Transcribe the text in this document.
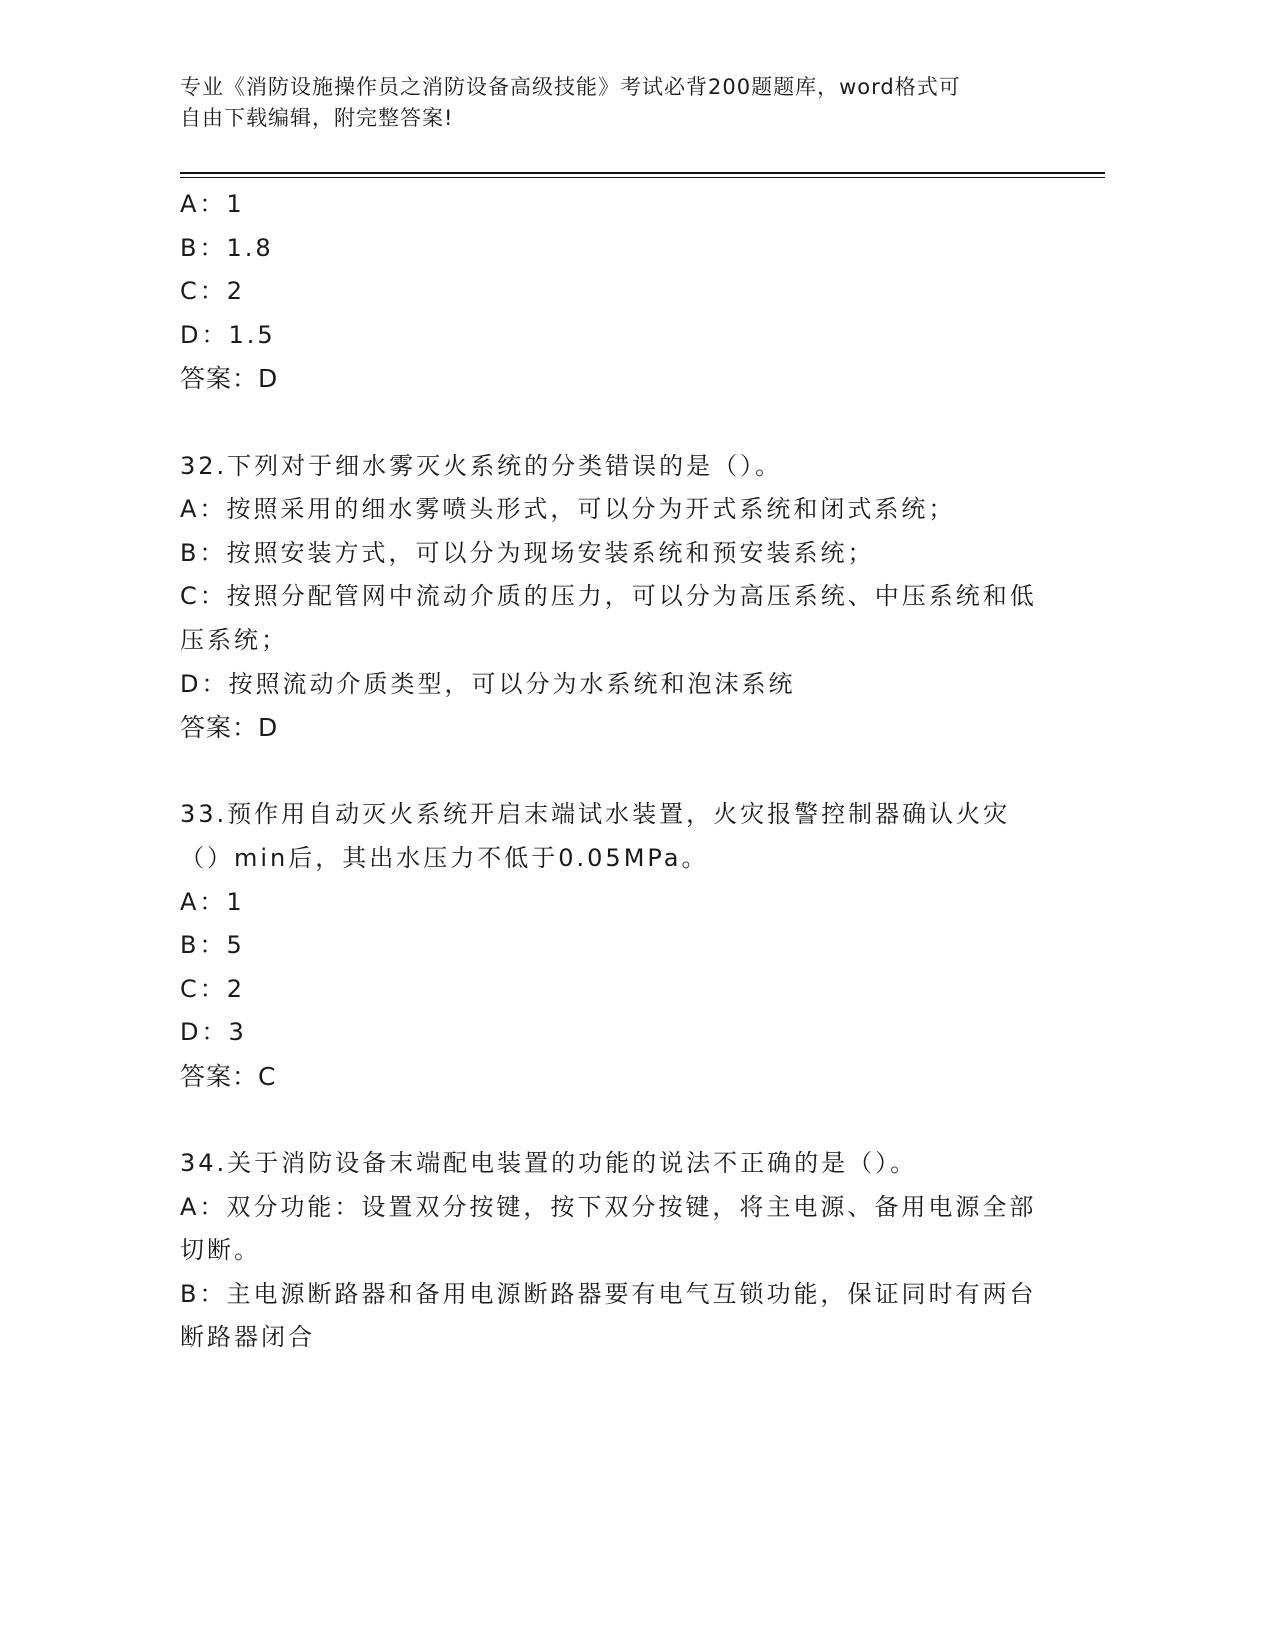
专业《消防设施操作员之消防设备高级技能》考试必背200题题库，word格式可
自由下载编辑，附完整答案!
A：1
B：1.8
C：2
D：1.5
答案：D
32.下列对于细水雾灭火系统的分类错误的是（）。
A：按照采用的细水雾喷头形式，可以分为开式系统和闭式系统；
B：按照安装方式，可以分为现场安装系统和预安装系统；
C：按照分配管网中流动介质的压力，可以分为高压系统、中压系统和低压系统；
D：按照流动介质类型，可以分为水系统和泡沫系统
答案：D
33.预作用自动灭火系统开启末端试水装置，火灾报警控制器确认火灾（）min后，其出水压力不低于0.05MPa。
A：1
B：5
C：2
D：3
答案：C
34.关于消防设备末端配电装置的功能的说法不正确的是（）。
A：双分功能：设置双分按键，按下双分按键，将主电源、备用电源全部切断。
B：主电源断路器和备用电源断路器要有电气互锁功能，保证同时有两台断路器闭合
